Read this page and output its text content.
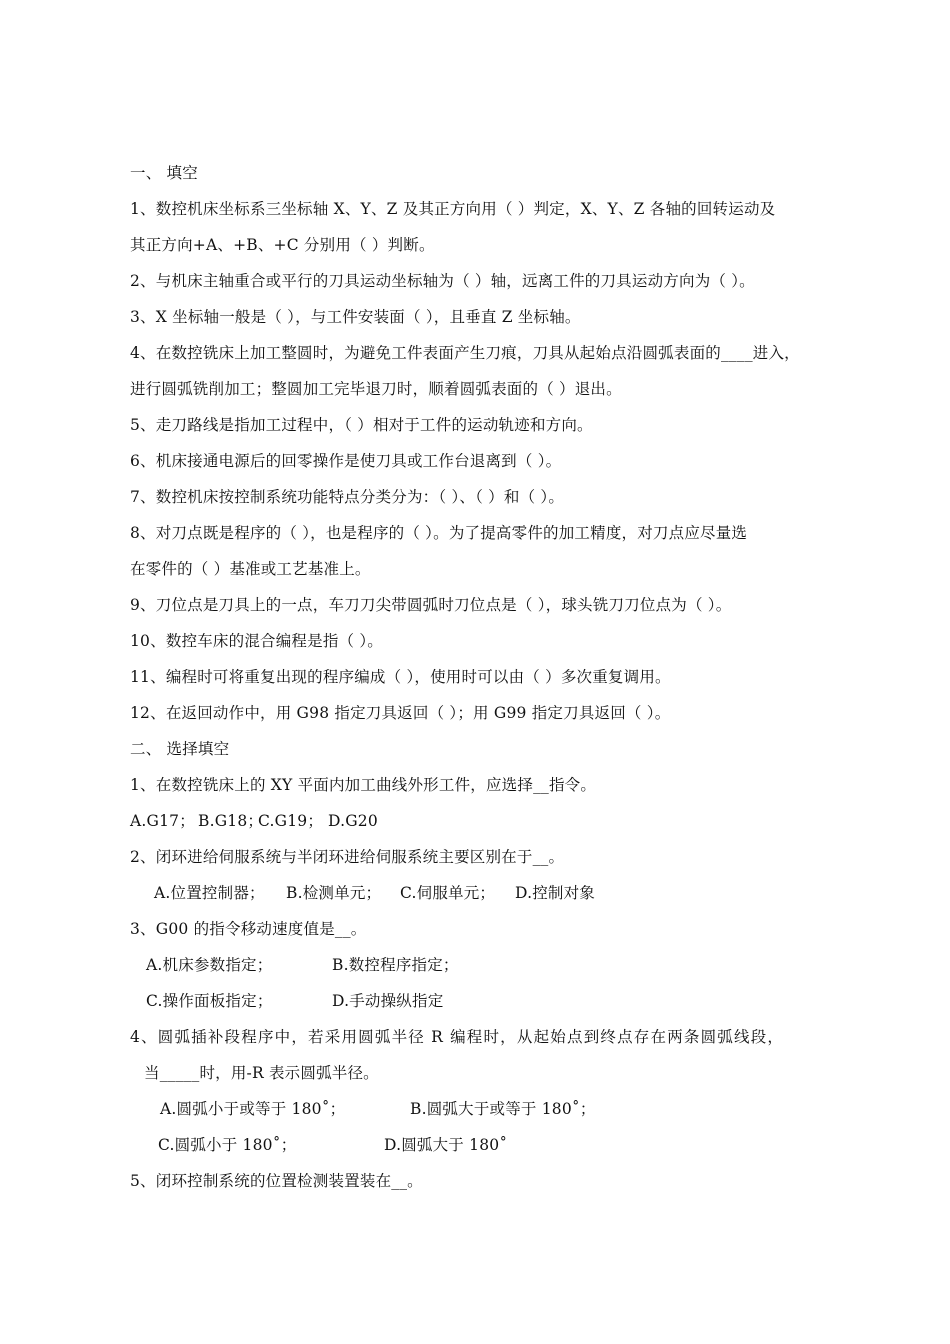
一、 填空
1、数控机床坐标系三坐标轴 X、Y、Z 及其正方向用（ ）判定，X、Y、Z 各轴的回转运动及
其正方向+A、+B、+C 分别用（ ）判断。
2、与机床主轴重合或平行的刀具运动坐标轴为（ ）轴，远离工件的刀具运动方向为（ ）。
3、X 坐标轴一般是（ ），与工件安装面（ ），且垂直 Z 坐标轴。
4、在数控铣床上加工整圆时，为避免工件表面产生刀痕，刀具从起始点沿圆弧表面的____进入，
进行圆弧铣削加工；整圆加工完毕退刀时，顺着圆弧表面的（ ）退出。
5、走刀路线是指加工过程中，（ ）相对于工件的运动轨迹和方向。
6、机床接通电源后的回零操作是使刀具或工作台退离到（ ）。
7、数控机床按控制系统功能特点分类分为：（ ）、（ ）和（ ）。
8、对刀点既是程序的（ ），也是程序的（ ）。为了提高零件的加工精度，对刀点应尽量选
在零件的（ ）基准或工艺基准上。
9、刀位点是刀具上的一点，车刀刀尖带圆弧时刀位点是（ ），球头铣刀刀位点为（ ）。
10、数控车床的混合编程是指（ ）。
11、编程时可将重复出现的程序编成（ ），使用时可以由（ ）多次重复调用。
12、在返回动作中，用 G98 指定刀具返回（ ）；用 G99 指定刀具返回（ ）。
二、 选择填空
1、在数控铣床上的 XY 平面内加工曲线外形工件，应选择__指令。
A.G17； B.G18；
C.G19； D.G20
2、闭环进给伺服系统与半闭环进给伺服系统主要区别在于__。
A.位置控制器； B.检测单元； C.伺服单元； D.控制对象
3、G00 的指令移动速度值是__。
A.机床参数指定；	B.数控程序指定；
C.操作面板指定；	D.手动操纵指定
4、圆弧插补段程序中，若采用圆弧半径 R 编程时，从起始点到终点存在两条圆弧线段，
当_____时，用-R 表示圆弧半径。
A.圆弧小于或等于 180˚；	B.圆弧大于或等于 180˚；
C.圆弧小于 180˚；	D.圆弧大于 180˚
5、闭环控制系统的位置检测装置装在__。
